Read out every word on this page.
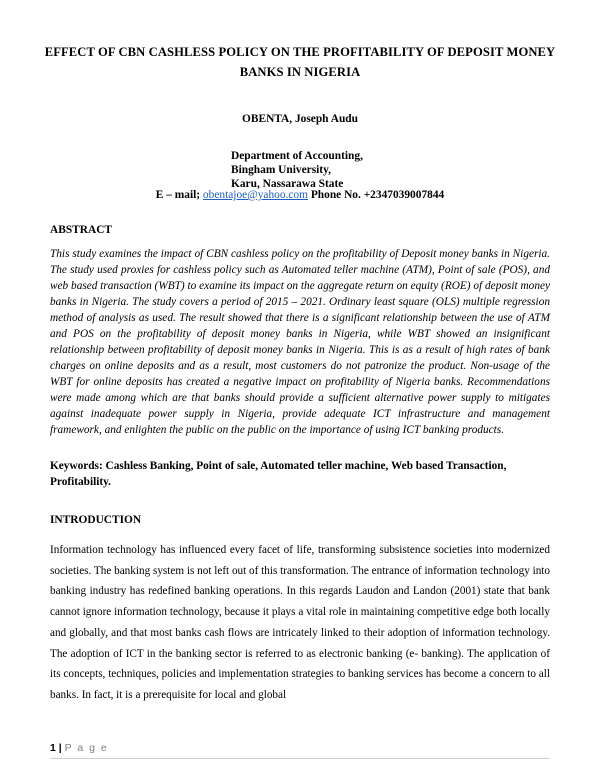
EFFECT OF CBN CASHLESS POLICY ON THE PROFITABILITY OF DEPOSIT MONEY BANKS IN NIGERIA
OBENTA, Joseph Audu
Department of Accounting,
Bingham University,
Karu, Nassarawa State
E – mail; obentajoe@yahoo.com Phone No. +2347039007844
ABSTRACT

This study examines the impact of CBN cashless policy on the profitability of Deposit money banks in Nigeria. The study used proxies for cashless policy such as Automated teller machine (ATM), Point of sale (POS), and web based transaction (WBT) to examine its impact on the aggregate return on equity (ROE) of deposit money banks in Nigeria. The study covers a period of 2015 – 2021. Ordinary least square (OLS) multiple regression method of analysis as used. The result showed that there is a significant relationship between the use of ATM and POS on the profitability of deposit money banks in Nigeria, while WBT showed an insignificant relationship between profitability of deposit money banks in Nigeria. This is as a result of high rates of bank charges on online deposits and as a result, most customers do not patronize the product. Non-usage of the WBT for online deposits has created a negative impact on profitability of Nigeria banks. Recommendations were made among which are that banks should provide a sufficient alternative power supply to mitigates against inadequate power supply in Nigeria, provide adequate ICT infrastructure and management framework, and enlighten the public on the public on the importance of using ICT banking products.

Keywords: Cashless Banking, Point of sale, Automated teller machine, Web based Transaction, Profitability.

INTRODUCTION

Information technology has influenced every facet of life, transforming subsistence societies into modernized societies. The banking system is not left out of this transformation. The entrance of information technology into banking industry has redefined banking operations. In this regards Laudon and Landon (2001) state that bank cannot ignore information technology, because it plays a vital role in maintaining competitive edge both locally and globally, and that most banks cash flows are intricately linked to their adoption of information technology. The adoption of ICT in the banking sector is referred to as electronic banking (e- banking). The application of its concepts, techniques, policies and implementation strategies to banking services has become a concern to all banks. In fact, it is a prerequisite for local and global

1 | P a g e
